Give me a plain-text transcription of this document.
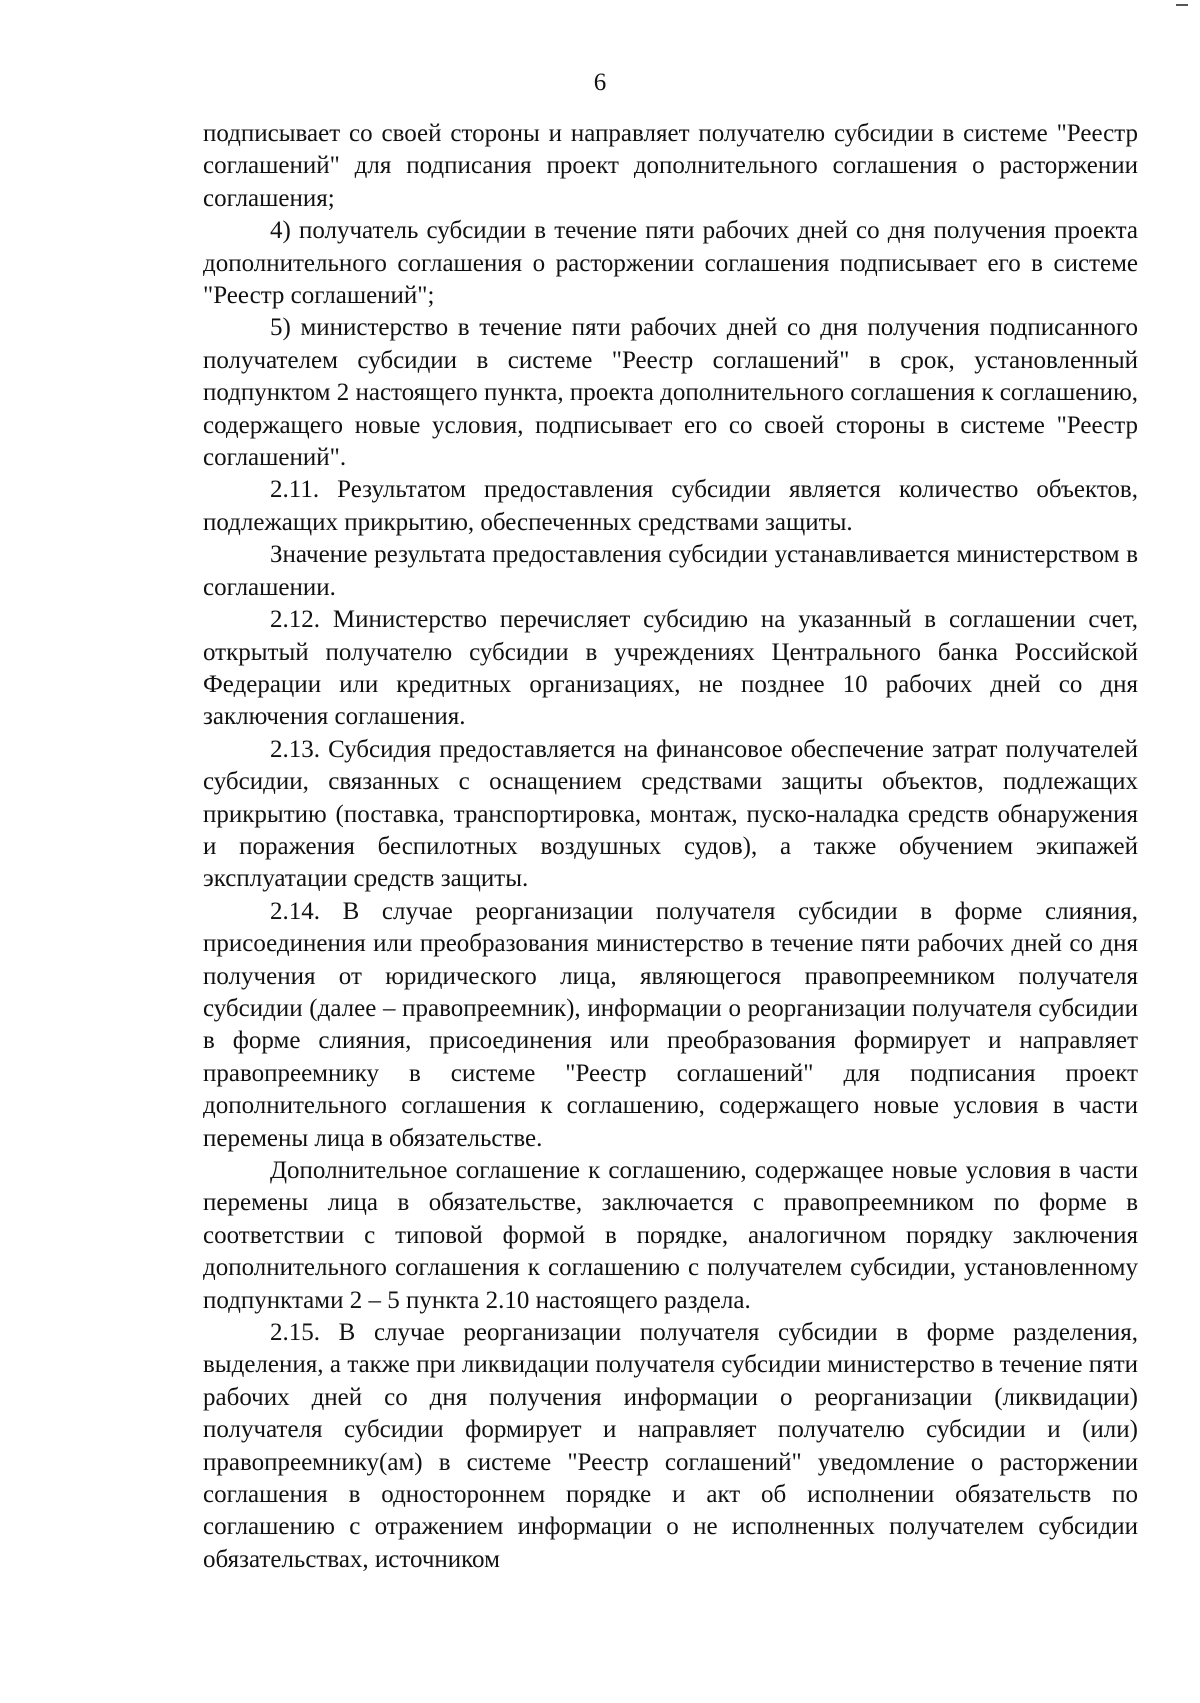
6

подписывает со своей стороны и направляет получателю субсидии в системе "Реестр соглашений" для подписания проект дополнительного соглашения о расторжении соглашения;

4) получатель субсидии в течение пяти рабочих дней со дня получения проекта дополнительного соглашения о расторжении соглашения подписывает его в системе "Реестр соглашений";

5) министерство в течение пяти рабочих дней со дня получения подписанного получателем субсидии в системе "Реестр соглашений" в срок, установленный подпунктом 2 настоящего пункта, проекта дополнительного соглашения к соглашению, содержащего новые условия, подписывает его со своей стороны в системе "Реестр соглашений".

2.11. Результатом предоставления субсидии является количество объектов, подлежащих прикрытию, обеспеченных средствами защиты.

Значение результата предоставления субсидии устанавливается министерством в соглашении.

2.12. Министерство перечисляет субсидию на указанный в соглашении счет, открытый получателю субсидии в учреждениях Центрального банка Российской Федерации или кредитных организациях, не позднее 10 рабочих дней со дня заключения соглашения.

2.13. Субсидия предоставляется на финансовое обеспечение затрат получателей субсидии, связанных с оснащением средствами защиты объектов, подлежащих прикрытию (поставка, транспортировка, монтаж, пуско-наладка средств обнаружения и поражения беспилотных воздушных судов), а также обучением экипажей эксплуатации средств защиты.

2.14. В случае реорганизации получателя субсидии в форме слияния, присоединения или преобразования министерство в течение пяти рабочих дней со дня получения от юридического лица, являющегося правопреемником получателя субсидии (далее – правопреемник), информации о реорганизации получателя субсидии в форме слияния, присоединения или преобразования формирует и направляет правопреемнику в системе "Реестр соглашений" для подписания проект дополнительного соглашения к соглашению, содержащего новые условия в части перемены лица в обязательстве.

Дополнительное соглашение к соглашению, содержащее новые условия в части перемены лица в обязательстве, заключается с правопреемником по форме в соответствии с типовой формой в порядке, аналогичном порядку заключения дополнительного соглашения к соглашению с получателем субсидии, установленному подпунктами 2 – 5 пункта 2.10 настоящего раздела.

2.15. В случае реорганизации получателя субсидии в форме разделения, выделения, а также при ликвидации получателя субсидии министерство в течение пяти рабочих дней со дня получения информации о реорганизации (ликвидации) получателя субсидии формирует и направляет получателю субсидии и (или) правопреемнику(ам) в системе "Реестр соглашений" уведомление о расторжении соглашения в одностороннем порядке и акт об исполнении обязательств по соглашению с отражением информации о не исполненных получателем субсидии обязательствах, источником
